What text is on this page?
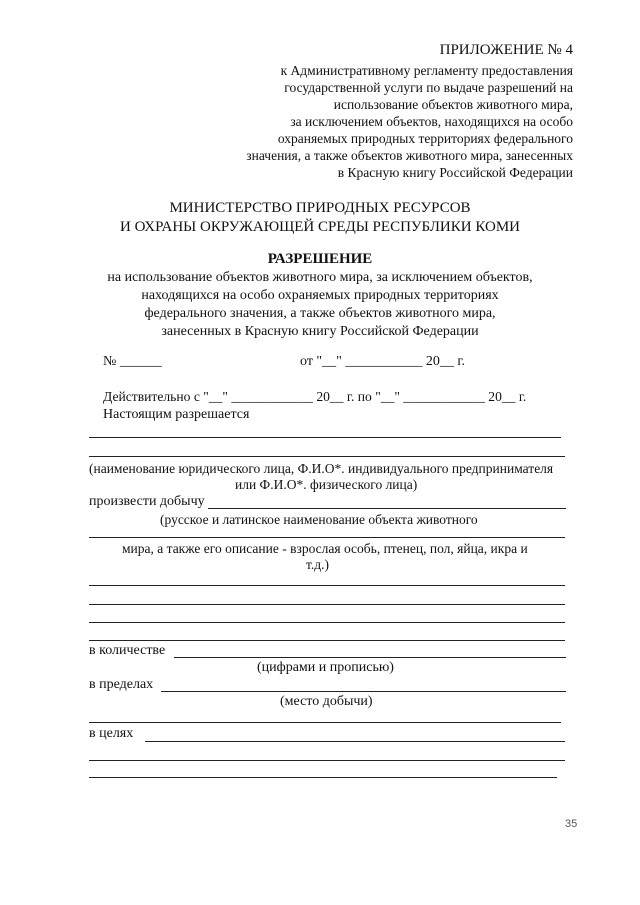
ПРИЛОЖЕНИЕ № 4
к Административному регламенту предоставления
государственной услуги по выдаче разрешений на
использование объектов животного мира,
за исключением объектов, находящихся на особо
охраняемых природных территориях федерального
значения, а также объектов животного мира, занесенных
в Красную книгу Российской Федерации
МИНИСТЕРСТВО ПРИРОДНЫХ РЕСУРСОВ
И ОХРАНЫ ОКРУЖАЮЩЕЙ СРЕДЫ РЕСПУБЛИКИ КОМИ
РАЗРЕШЕНИЕ
на использование объектов животного мира, за исключением объектов,
находящихся на особо охраняемых природных территориях
федерального значения, а также объектов животного мира,
занесенных в Красную книгу Российской Федерации
№ ______	от "__" ___________ 20__ г.
Действительно с "__" ____________ 20__ г. по "__" ____________ 20__ г.
Настоящим разрешается
(наименование юридического лица, Ф.И.О*. индивидуального предпринимателя
или Ф.И.О*. физического лица)
произвести добычу
(русское и латинское наименование объекта животного
мира, а также его описание - взрослая особь, птенец, пол, яйца, икра и
т.д.)
в количестве
(цифрами и прописью)
в пределах
(место добычи)
в целях
35
